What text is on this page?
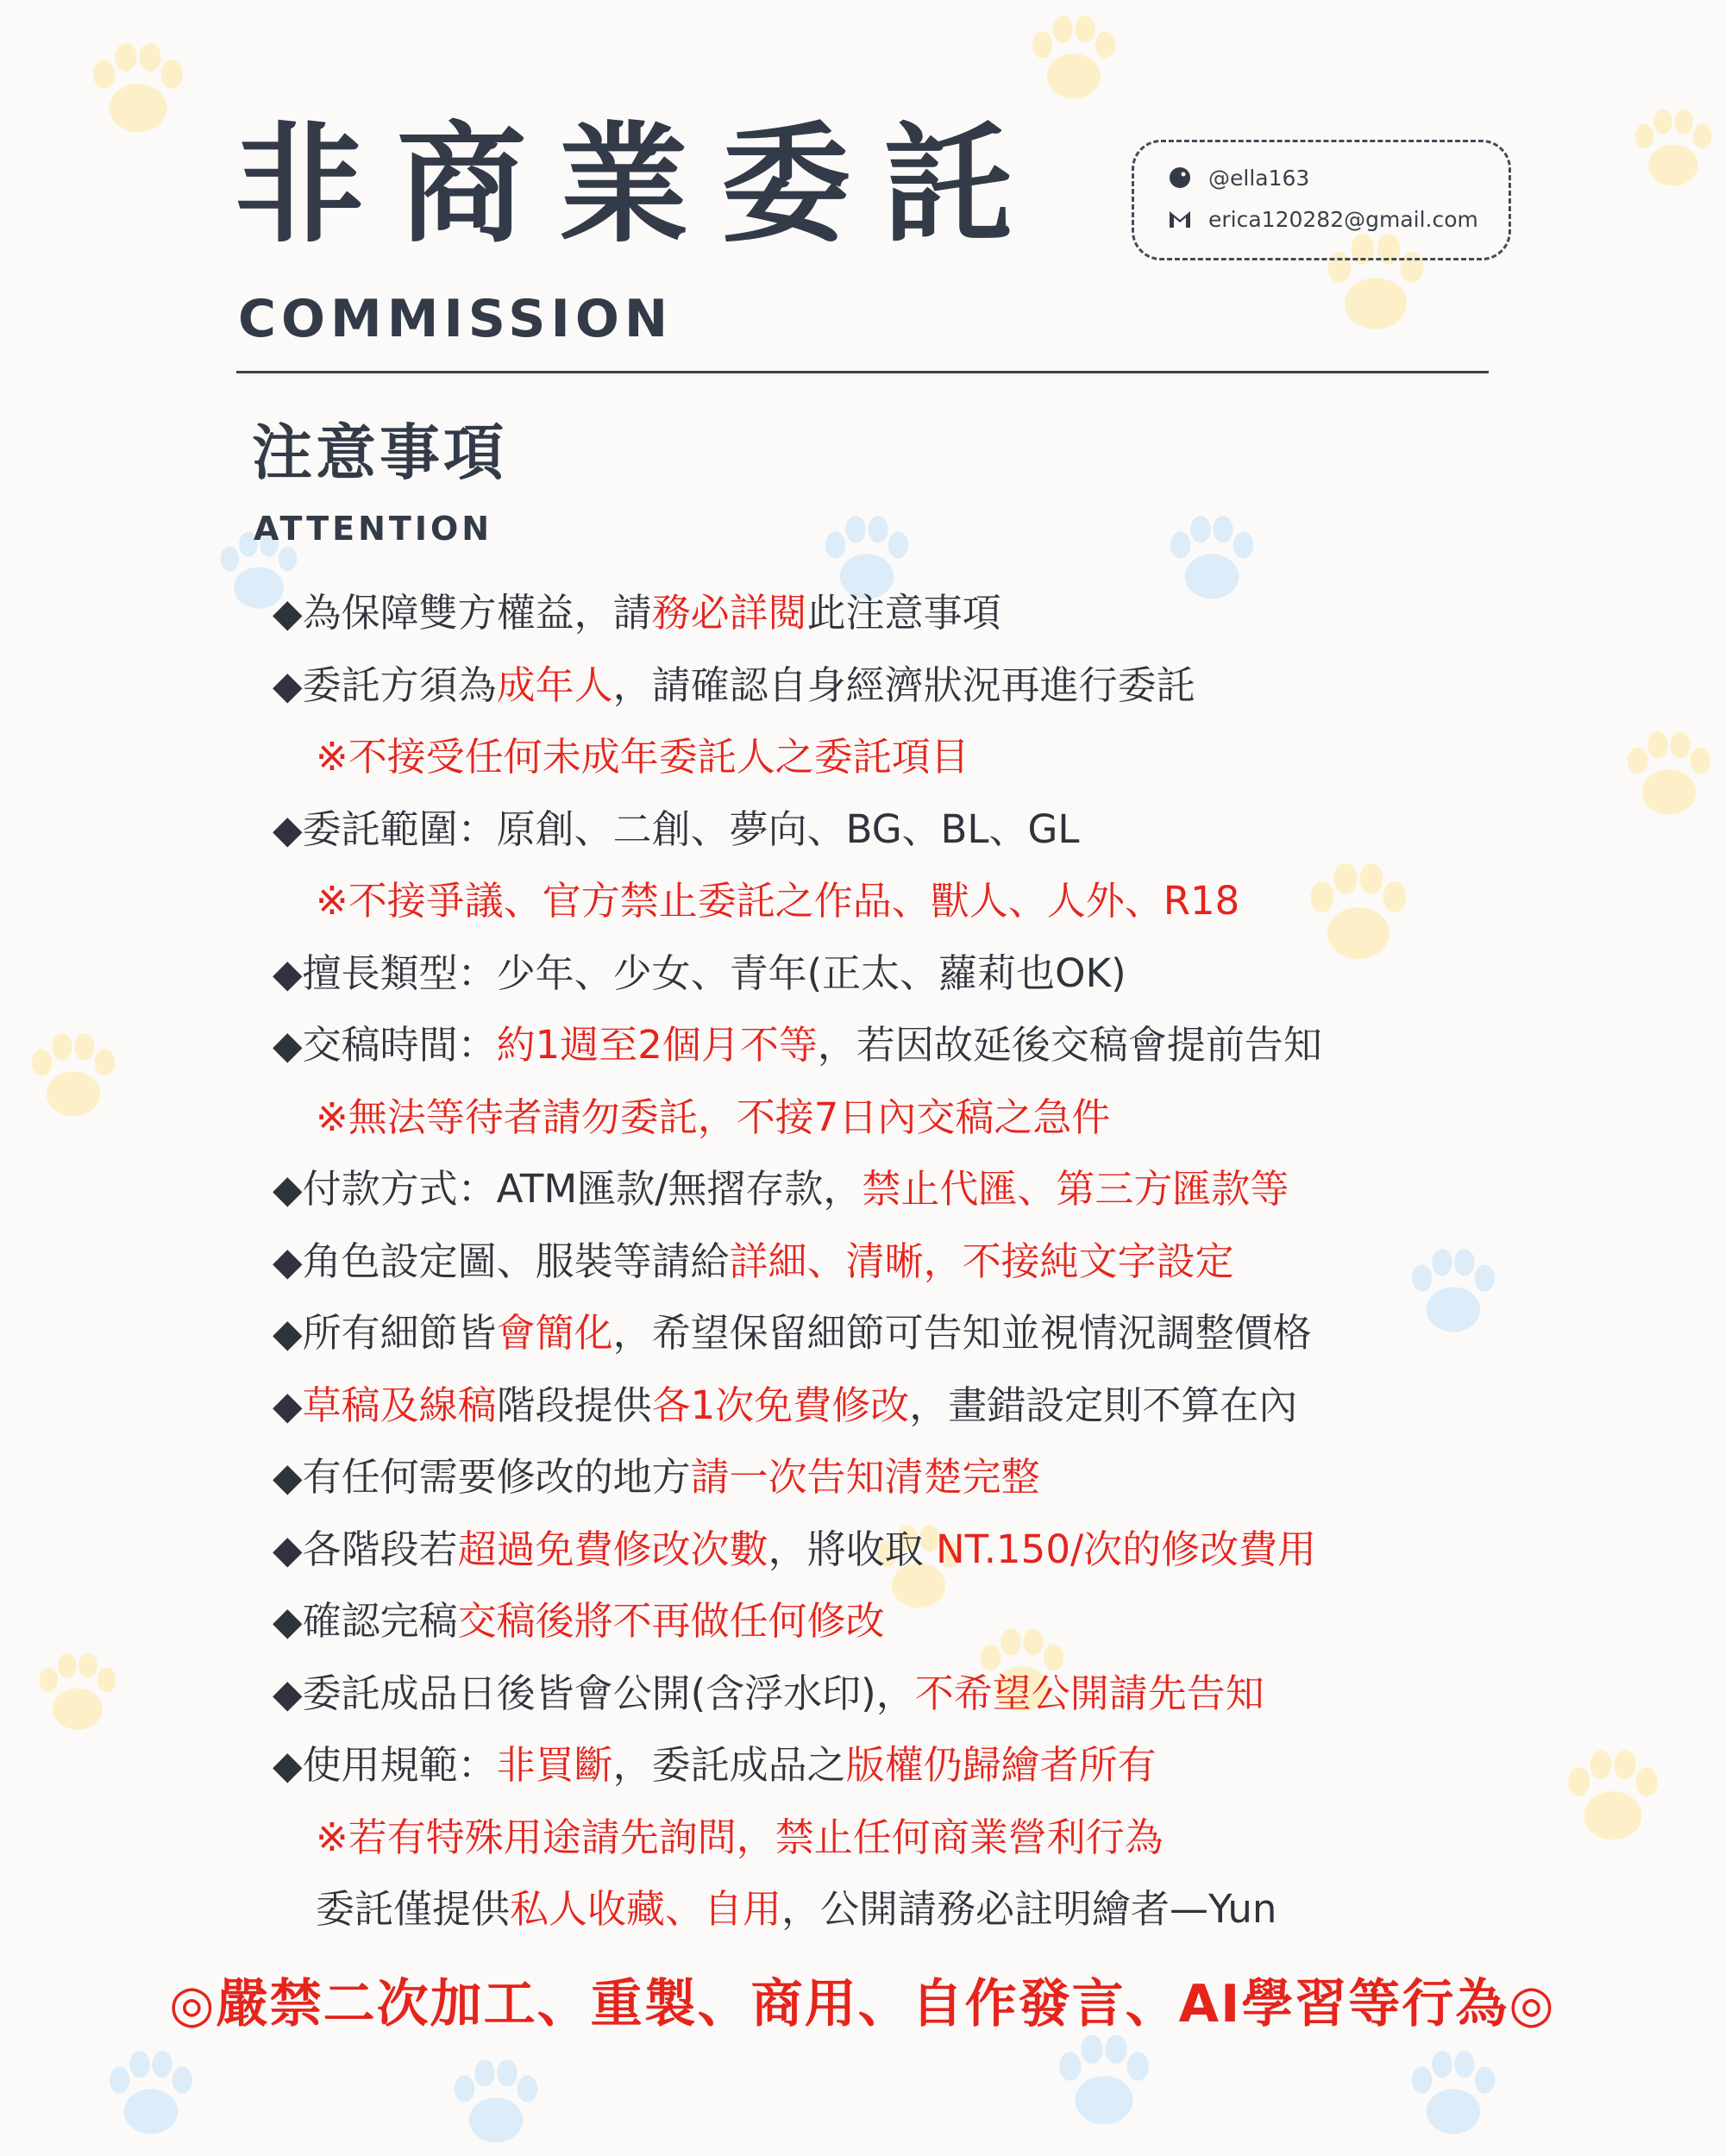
非商業委託
COMMISSION
@ella163
erica120282@gmail.com
注意事項
ATTENTION
◆為保障雙方權益，請務必詳閱此注意事項
◆委託方須為成年人，請確認自身經濟狀況再進行委託
※不接受任何未成年委託人之委託項目
◆委託範圍：原創、二創、夢向、BG、BL、GL
※不接爭議、官方禁止委託之作品、獸人、人外、R18
◆擅長類型：少年、少女、青年(正太、蘿莉也OK)
◆交稿時間：約1週至2個月不等，若因故延後交稿會提前告知
※無法等待者請勿委託，不接7日內交稿之急件
◆付款方式：ATM匯款/無摺存款，禁止代匯、第三方匯款等
◆角色設定圖、服裝等請給詳細、清晰，不接純文字設定
◆所有細節皆會簡化，希望保留細節可告知並視情況調整價格
◆草稿及線稿階段提供各1次免費修改，畫錯設定則不算在內
◆有任何需要修改的地方請一次告知清楚完整
◆各階段若超過免費修改次數，將收取 NT.150/次的修改費用
◆確認完稿交稿後將不再做任何修改
◆委託成品日後皆會公開(含浮水印)，不希望公開請先告知
◆使用規範：非買斷，委託成品之版權仍歸繪者所有
※若有特殊用途請先詢問，禁止任何商業營利行為
委託僅提供私人收藏、自用，公開請務必註明繪者—Yun
◎嚴禁二次加工、重製、商用、自作發言、AI學習等行為◎
